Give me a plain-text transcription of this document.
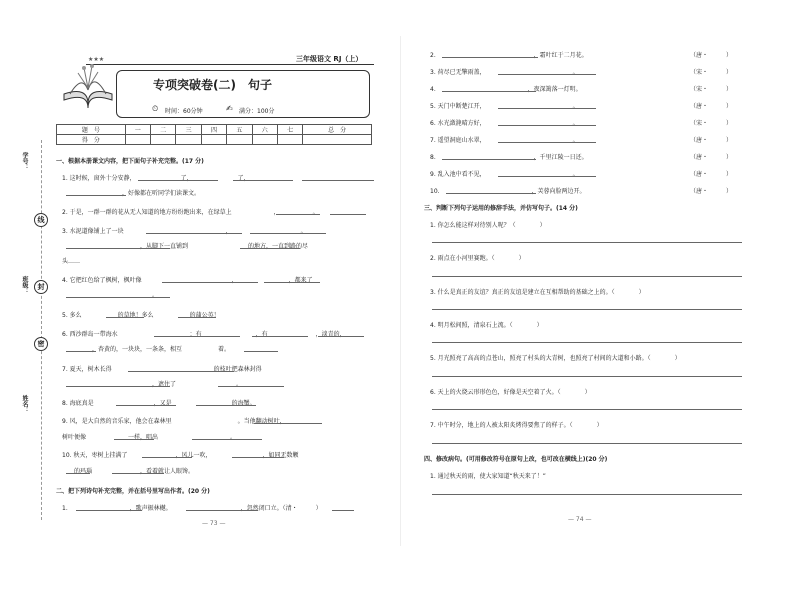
学号：
班级：
姓名：
线
封
密
★★★	三年级语文 RJ（上）
专项突破卷(二)　句子
⏲ 时间：60分钟	✍ 满分：100分
题　号	一	二	三	四	五	六	七	总　分
得　分								
一、根据本册课文内容，把下面句子补充完整。(17 分)
1. 这时候，窗外十分安静，　　　　　　　　了，　　　　　　　　了，
　　　　　　　　　　，好像都在听同学们读课文。
2. 于是，一群一群的花从无人知道的地方纷纷跑出来，在绿草上　　　　　　　，　　　　　　。
3. 水泥道像铺上了一块　　　　　　　　　　　　　　　　　，　　　　　　　　　　　　。
　　　　　　　　　　　　　，从脚下一直铺到　　　　　　　　　　的地方，一直到路的尽
头……
4. 它把红色给了枫树，枫叶像　　　　　　　　　　　　　　　，　　　　　　　　　，都来了
　　　　　　　　　　　　　　　。
5. 多么　　　　　　的草地！多么　　　　　　的蒲公英！
6. 西沙群岛一带海水　　　　　　　　　　　　：有　　　　　　　　　，有　　　　　　　　，淡青的，
　　　　　，杏黄的，一块块，一条条，相互　　　　　　着。
7. 夏天，树木长得　　　　　　　　　　　　　　　　　的枝叶把森林封得
　　　　　　　　　　　　　　　，遮住了　　　　　　　　　　。
8. 海底真是　　　　　　　　　　，又是　　　　　　　　　　的海蟹。
9. 风，是大自然的音乐家，他会在森林里　　　　　　　　　　　。当他翻动树叶，
树叶便像　　　　　　　一样，唱出　　　　　　　　　　　　。
10. 秋天，枣树上挂满了　　　　　　　　，风儿一吹，　　　　　　　　　，如同无数颗
　　的玛瑙　　　　　　　　，看着就让人眼馋。
二、把下列诗句补充完整，并在括号里写出作者。(20 分)
1. 　　　　　　　　　　，歌声振林樾。　　　　　　　　　　　　，忽然闭口立。（清・　　　）
— 73 —
2. 　　　　　　　　　　　　　　　　，霜叶红于二月花。	（唐・　　　）
3. 荷尽已无擎雨盖，　　　　　　　　　　　　　　　。	（宋・　　　）
4. 　　　　　　　　　　　　　　　，夜深篱落一灯明。	（宋・　　　）
5. 天门中断楚江开，　　　　　　　　　　　　　　　。	（唐・　　　）
6. 水光潋滟晴方好，　　　　　　　　　　　　　　　。	（宋・　　　）
7. 遥望洞庭山水翠，　　　　　　　　　　　　　　　。	（唐・　　　）
8. 　　　　　　　　　　　　　　　　，千里江陵一日还。	（唐・　　　）
9. 乱入池中看不见，　　　　　　　　　　　　　　　。	（唐・　　　）
10. 　　　　　　　　　　　　　　　，芙蓉向脸两边开。	（唐・　　　）
三、判断下列句子运用的修辞手法，并仿写句子。(14 分)
1. 你怎么能这样对待别人呢？（　　　　）
2. 雨点在小河里赛跑。（　　　　）
3. 什么是真正的友谊？真正的友谊是建立在互相帮助的基础之上的。（　　　　）
4. 明月松间照，清泉石上流。（　　　　）
5. 月光照亮了高高的点苍山，照亮了村头的大青树，也照亮了村间的大道和小路。（　　　　）
6. 天上的火烧云形形色色，好像是天空着了火。（　　　　）
7. 中午时分，地上的人被太阳炙烤得要焦了的样子。（　　　　）
四、修改病句。(可用修改符号在原句上改，也可改在横线上)(20 分)
1. 通过秋天的雨，使大家知道“秋天来了！”
— 74 —
